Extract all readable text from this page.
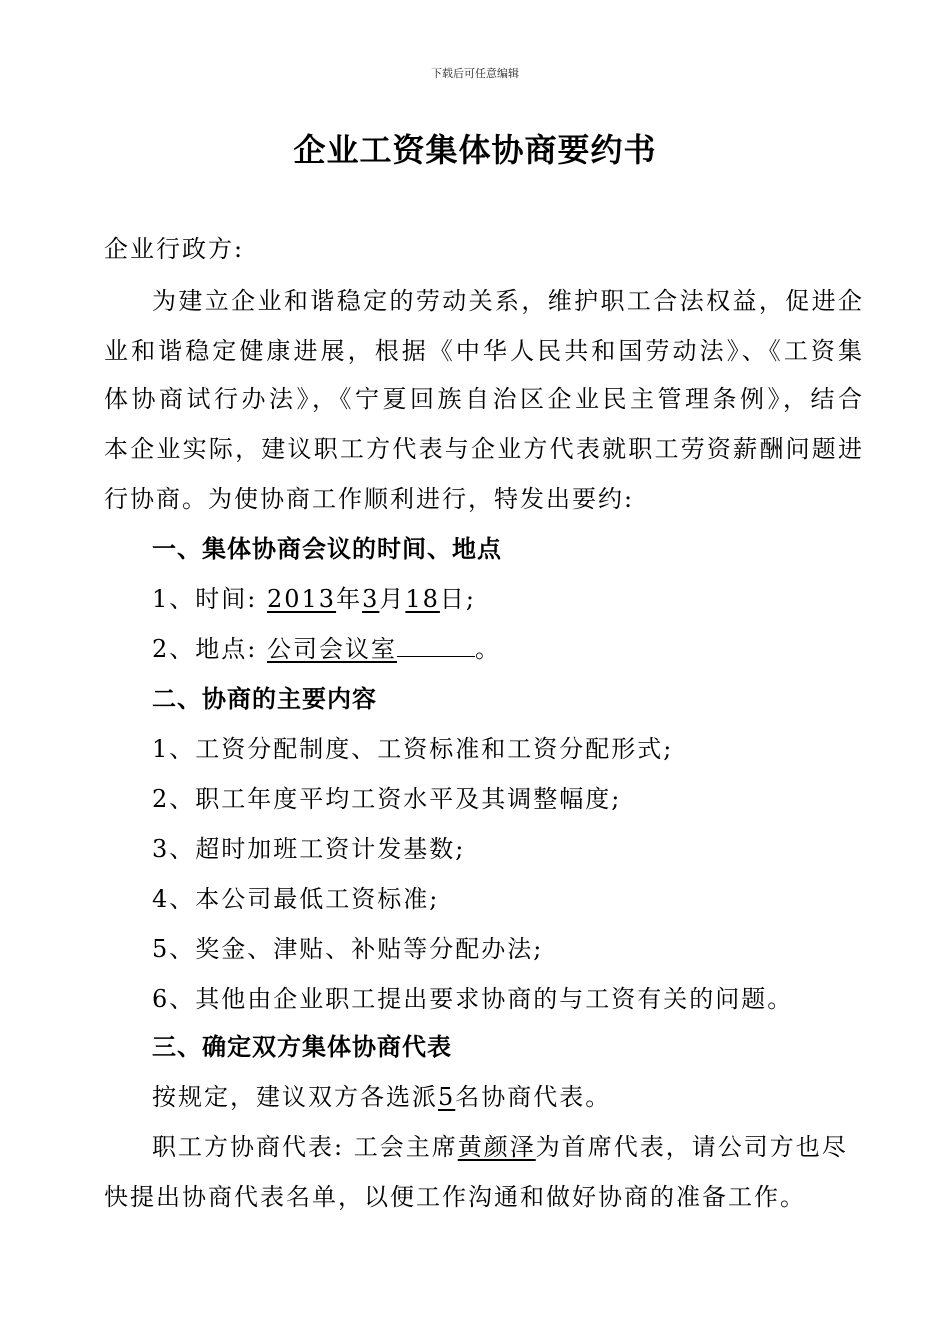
下载后可任意编辑
企业工资集体协商要约书
企业行政方:
为建立企业和谐稳定的劳动关系，维护职工合法权益，促进企
业和谐稳定健康进展，根据《中华人民共和国劳动法》、《工资集
体协商试行办法》，《宁夏回族自治区企业民主管理条例》，结合
本企业实际，建议职工方代表与企业方代表就职工劳资薪酬问题进
行协商。为使协商工作顺利进行，特发出要约:
一、集体协商会议的时间、地点
1、时间: 2013年3月18日;
2、地点: 公司会议室	。
二、协商的主要内容
1、工资分配制度、工资标准和工资分配形式;
2、职工年度平均工资水平及其调整幅度;
3、超时加班工资计发基数;
4、本公司最低工资标准;
5、奖金、津贴、补贴等分配办法;
6、其他由企业职工提出要求协商的与工资有关的问题。
三、确定双方集体协商代表
按规定，建议双方各选派5名协商代表。
职工方协商代表: 工会主席黄颜泽为首席代表，请公司方也尽
快提出协商代表名单，以便工作沟通和做好协商的准备工作。
